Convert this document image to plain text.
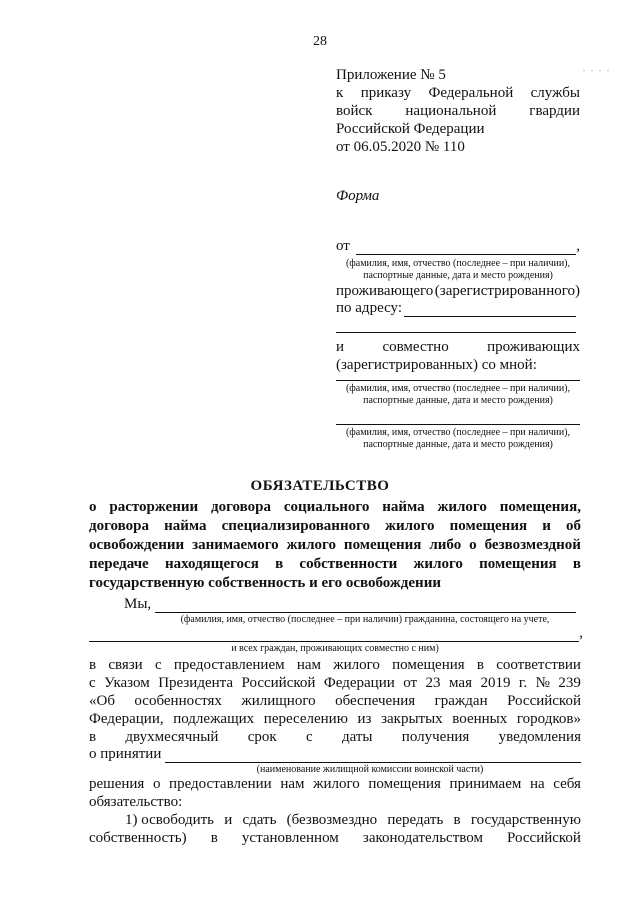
28
. . . .
Приложение № 5
к приказу Федеральной службы
войск национальной гвардии
Российской Федерации
от 06.05.2020 № 110
Форма
от	,
(фамилия, имя, отчество (последнее – при наличии),
паспортные данные, дата и место рождения)
проживающего (зарегистрированного)
по адресу:
и	совместно	проживающих
(зарегистрированных) со мной:
(фамилия, имя, отчество (последнее – при наличии),
паспортные данные, дата и место рождения)
(фамилия, имя, отчество (последнее – при наличии),
паспортные данные, дата и место рождения)
ОБЯЗАТЕЛЬСТВО
о расторжении договора социального найма жилого помещения,
договора найма специализированного жилого помещения и об
освобождении занимаемого жилого помещения либо о безвозмездной
передаче находящегося в собственности жилого помещения в
государственную собственность и его освобождении
Мы,
(фамилия, имя, отчество (последнее – при наличии) гражданина, состоящего на учете,
,
и всех граждан, проживающих совместно с ним)
в связи с предоставлением нам жилого помещения в соответствии
с Указом Президента Российской Федерации от 23 мая 2019 г. № 239
«Об особенностях жилищного обеспечения граждан Российской
Федерации, подлежащих переселению из закрытых военных городков»
в двухмесячный срок с даты получения уведомления
о принятии
(наименование жилищной комиссии воинской части)
решения о предоставлении нам жилого помещения принимаем на себя
обязательство:
1) освободить и сдать (безвозмездно передать в государственную
собственность) в установленном законодательством Российской
